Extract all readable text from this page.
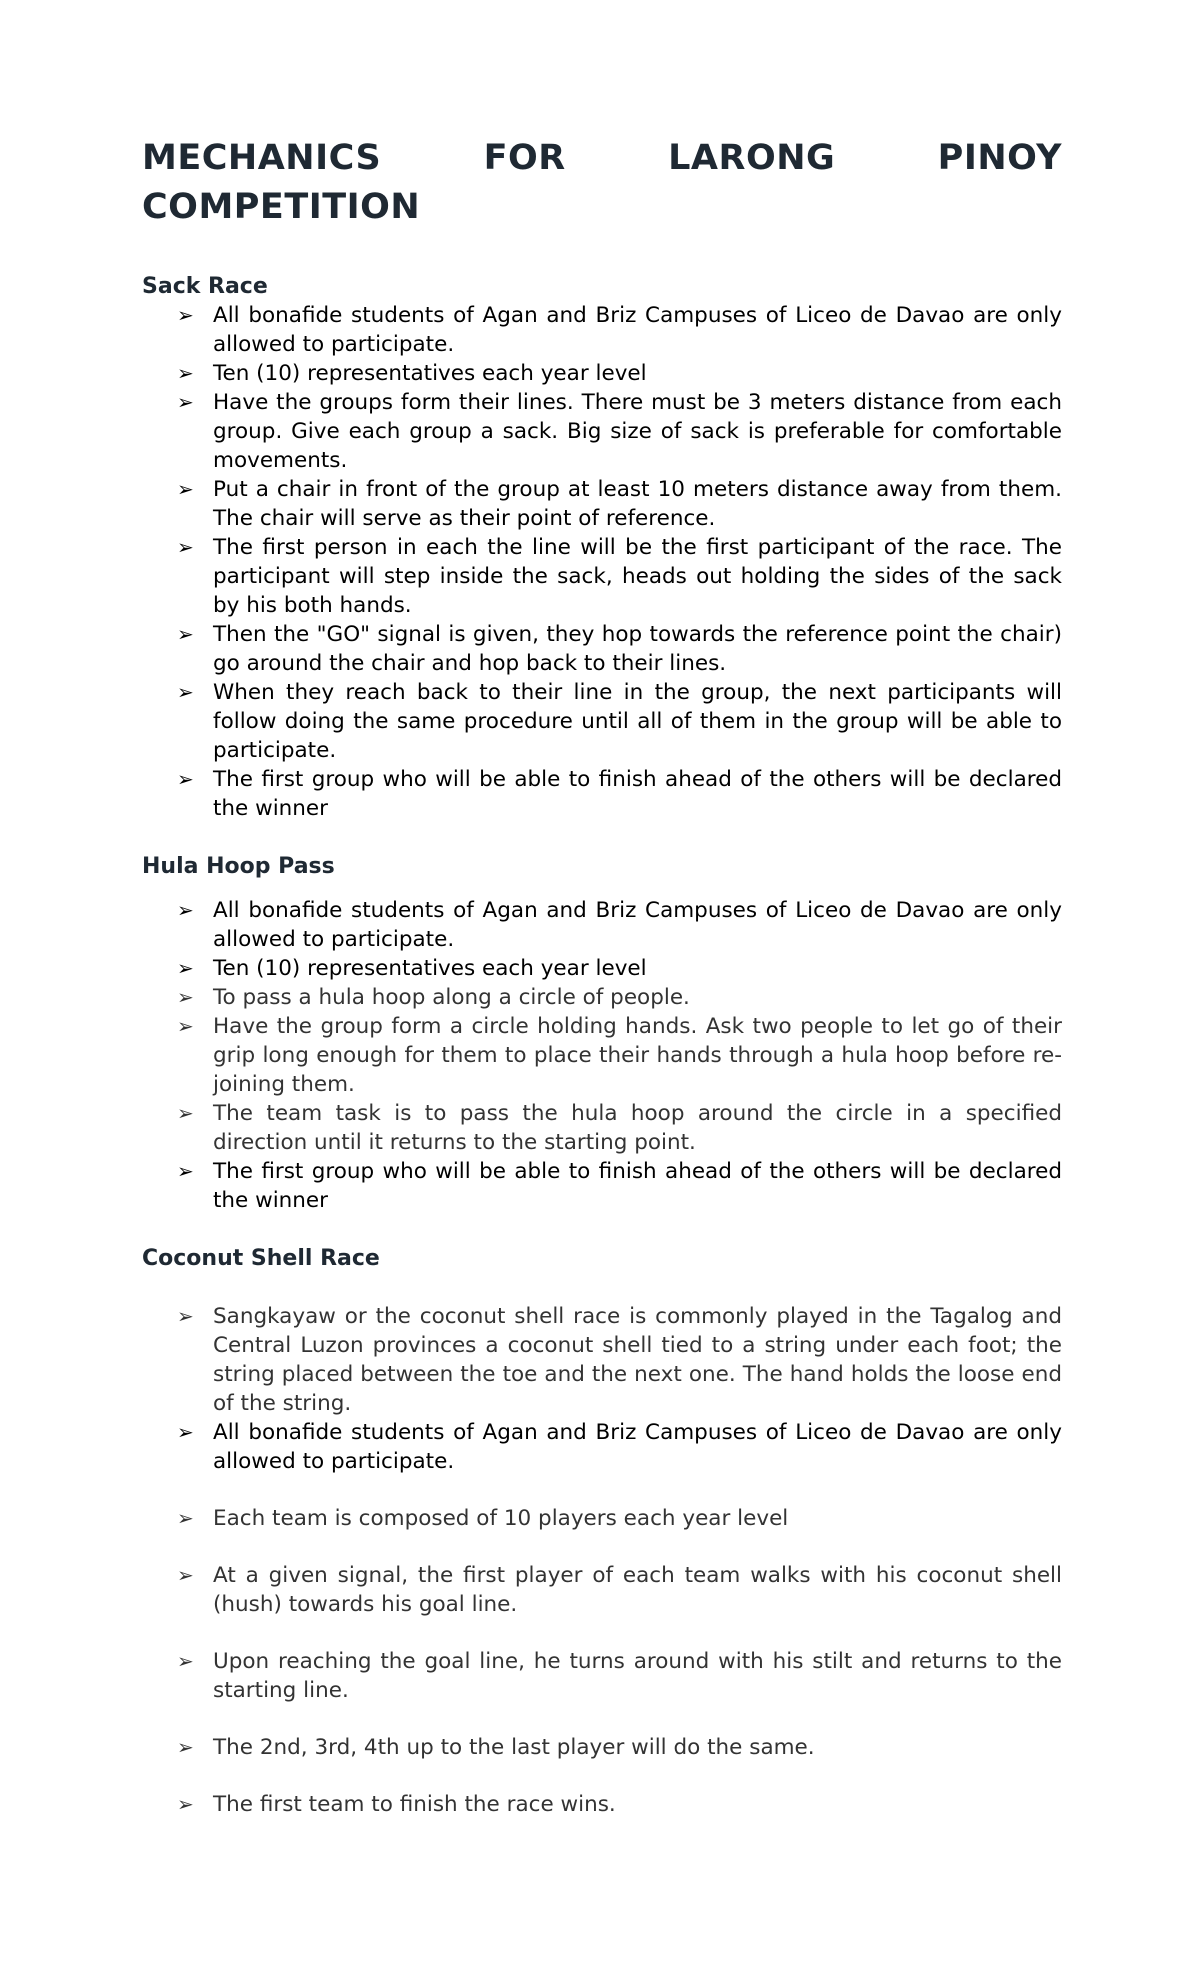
MECHANICS FOR LARONG PINOY
COMPETITION

Sack Race

➢ All bonafide students of Agan and Briz Campuses of Liceo de Davao are only allowed to participate.
➢ Ten (10) representatives each year level
➢ Have the groups form their lines. There must be 3 meters distance from each group. Give each group a sack. Big size of sack is preferable for comfortable movements.
➢ Put a chair in front of the group at least 10 meters distance away from them. The chair will serve as their point of reference.
➢ The first person in each the line will be the first participant of the race. The participant will step inside the sack, heads out holding the sides of the sack by his both hands.
➢ Then the "GO" signal is given, they hop towards the reference point the chair) go around the chair and hop back to their lines.
➢ When they reach back to their line in the group, the next participants will follow doing the same procedure until all of them in the group will be able to participate.
➢ The first group who will be able to finish ahead of the others will be declared the winner

Hula Hoop Pass

➢ All bonafide students of Agan and Briz Campuses of Liceo de Davao are only allowed to participate.
➢ Ten (10) representatives each year level
➢ To pass a hula hoop along a circle of people.
➢ Have the group form a circle holding hands. Ask two people to let go of their grip long enough for them to place their hands through a hula hoop before re-joining them.
➢ The team task is to pass the hula hoop around the circle in a specified direction until it returns to the starting point.
➢ The first group who will be able to finish ahead of the others will be declared the winner

Coconut Shell Race

➢ Sangkayaw or the coconut shell race is commonly played in the Tagalog and Central Luzon provinces a coconut shell tied to a string under each foot; the string placed between the toe and the next one. The hand holds the loose end of the string.
➢ All bonafide students of Agan and Briz Campuses of Liceo de Davao are only allowed to participate.
➢ Each team is composed of 10 players each year level
➢ At a given signal, the first player of each team walks with his coconut shell (hush) towards his goal line.
➢ Upon reaching the goal line, he turns around with his stilt and returns to the starting line.
➢ The 2nd, 3rd, 4th up to the last player will do the same.
➢ The first team to finish the race wins.
